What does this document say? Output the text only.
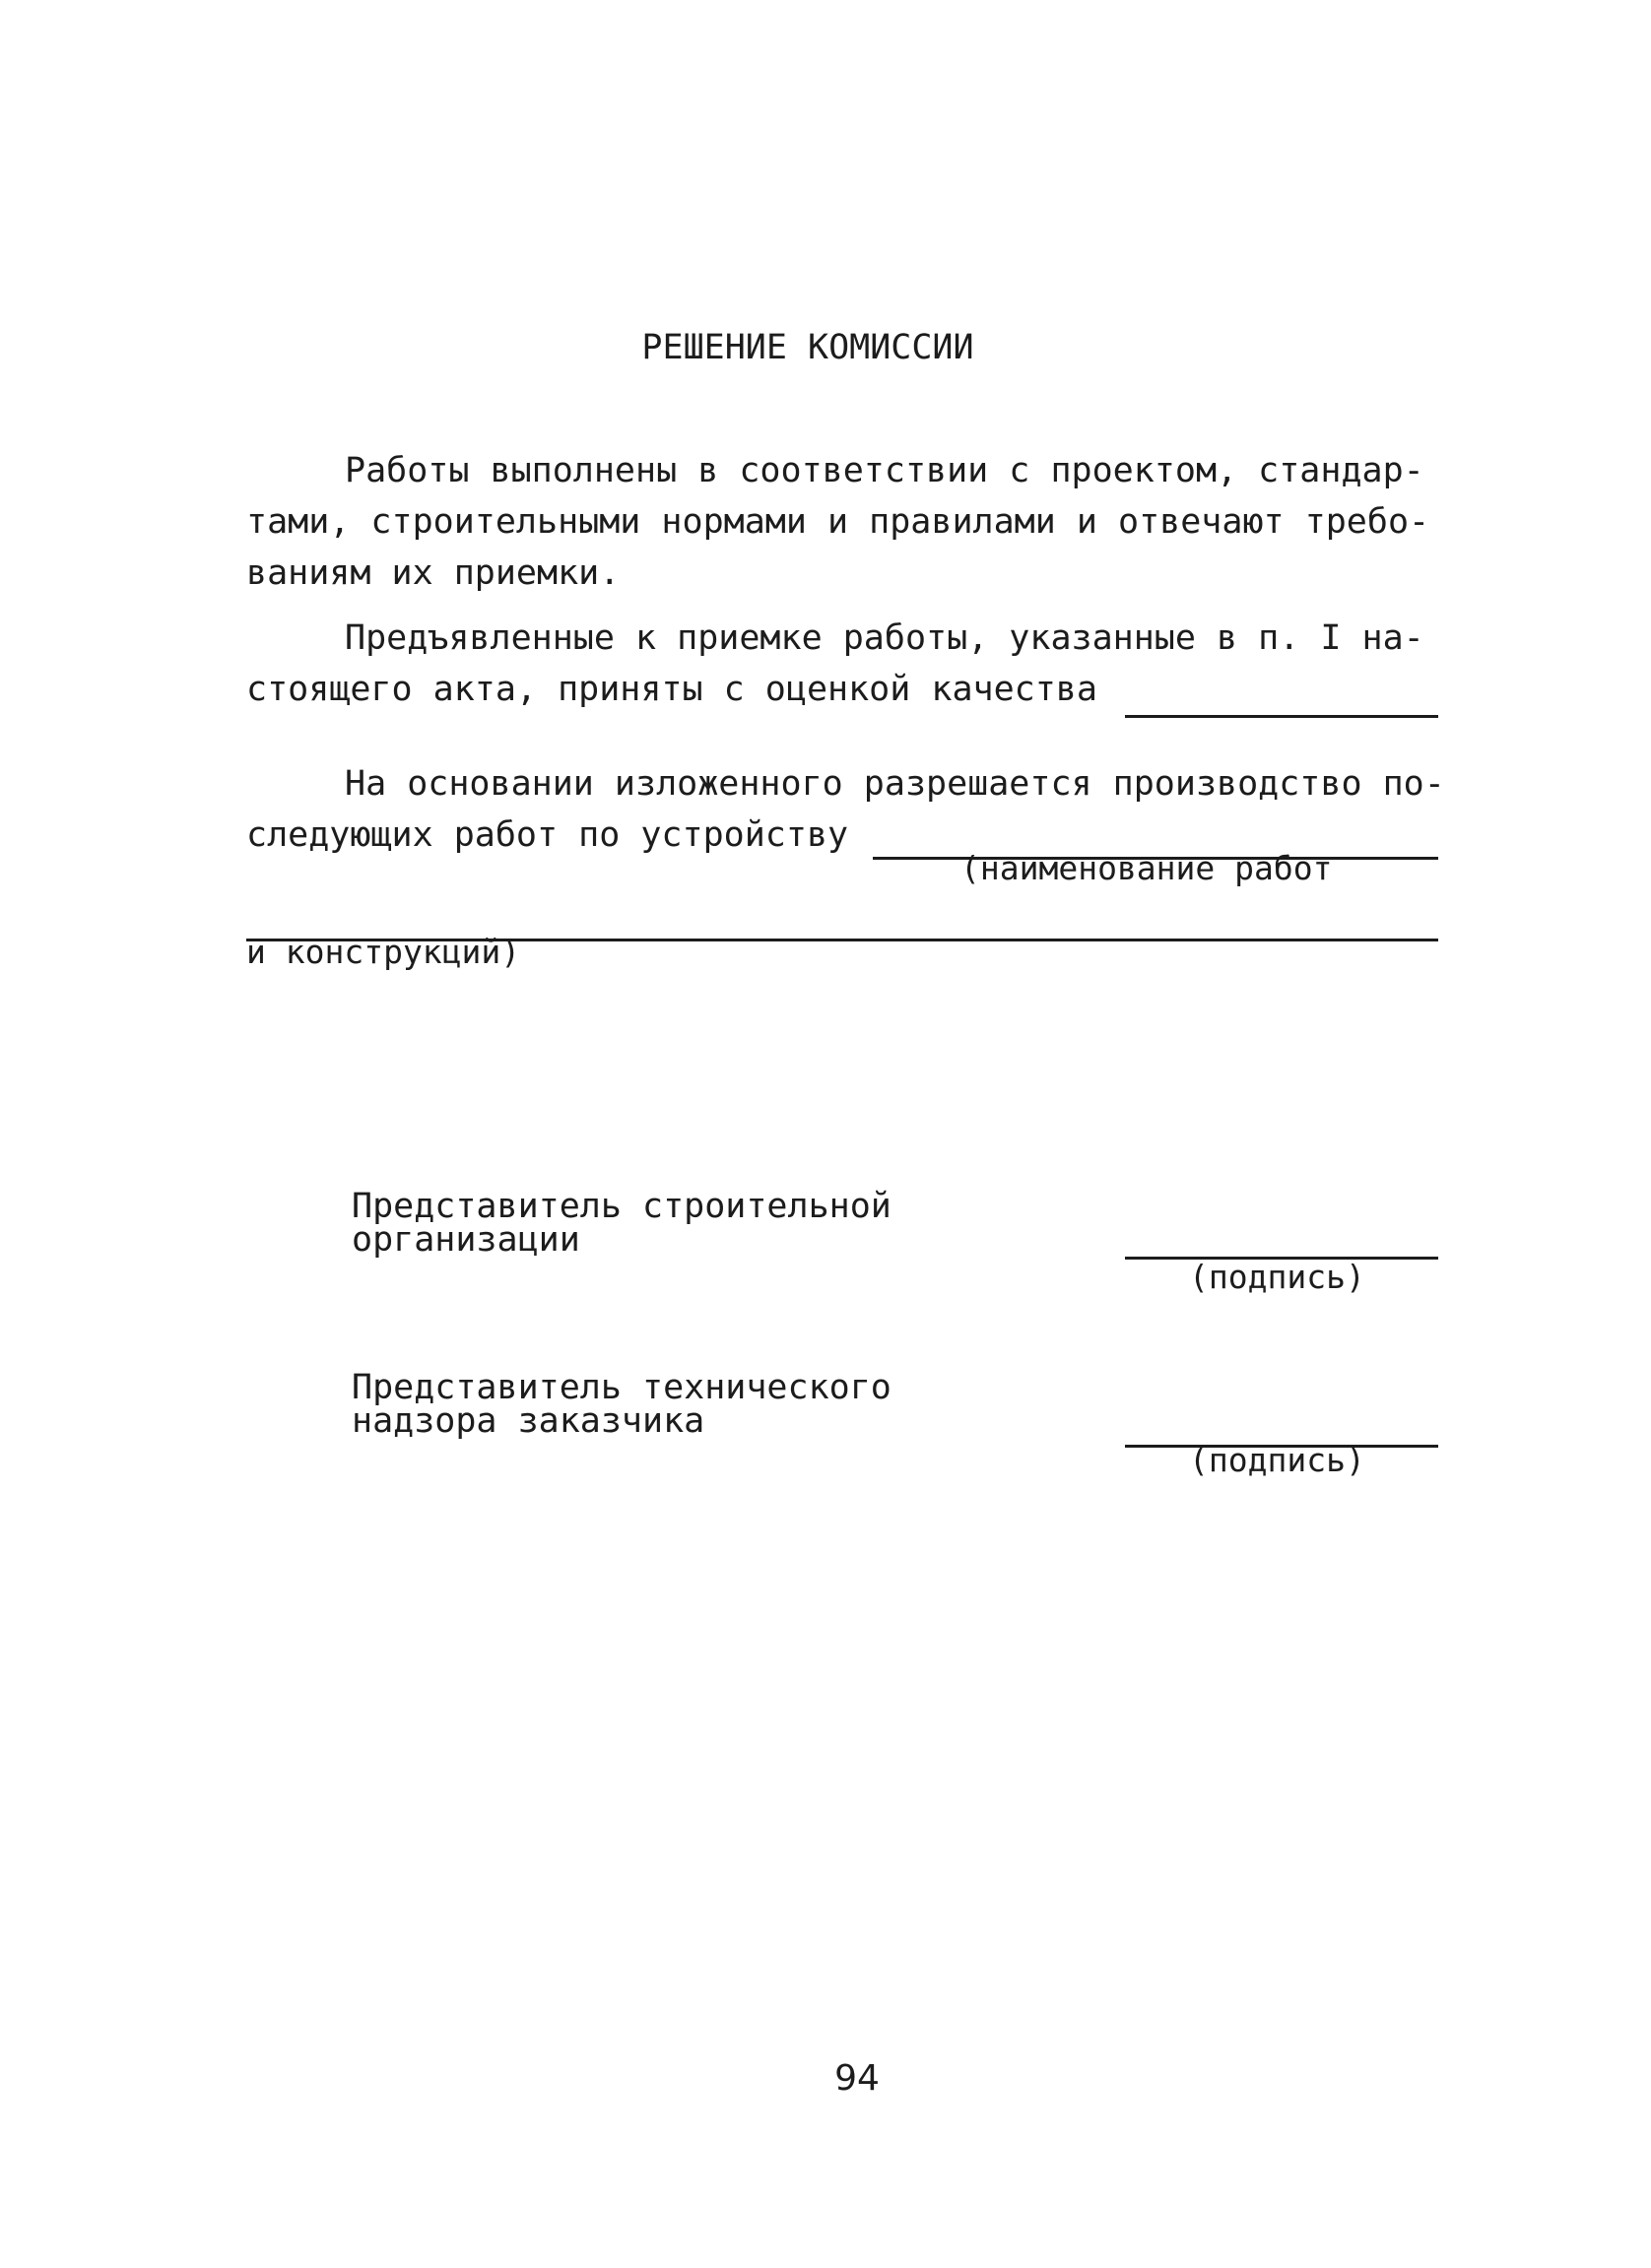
РЕШЕНИЕ КОМИССИИ
Работы выполнены в соответствии с проектом, стандар-
тами, строительными нормами и правилами и отвечают требо-
ваниям их приемки.
Предъявленные к приемке работы, указанные в п. I на-
стоящего акта, приняты с оценкой качества
На основании изложенного разрешается производство по-
следующих работ по устройству
(наименование работ
и конструкций)
Представитель строительной
организации
(подпись)
Представитель технического
надзора заказчика
(подпись)
94
